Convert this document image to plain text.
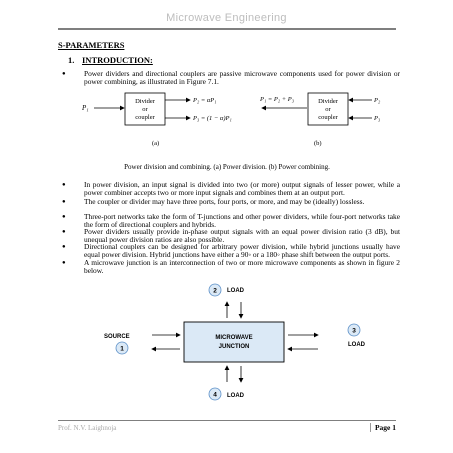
Microwave Engineering
S-PARAMETERS
1. INTRODUCTION:
●	Power dividers and directional couplers are passive microwave components used for power division or power combining, as illustrated in Figure 7.1.

P₁
Divider
or
coupler
P₂ = αP₁
P₃ = (1 − α)P₁
(a)
P₁ = P₂ + P₃	Divider
or
coupler
P₂
P₃
(b)
Power division and combining. (a) Power division. (b) Power combining.
●	In power division, an input signal is divided into two (or more) output signals of lesser power, while a power combiner accepts two or more input signals and combines them at an output port.

●	The coupler or divider may have three ports, four ports, or more, and may be (ideally) lossless.

●	Three-port networks take the form of T-junctions and other power dividers, while four-port networks take the form of directional couplers and hybrids.

●	Power dividers usually provide in-phase output signals with an equal power division ratio (3 dB), but unequal power division ratios are also possible.

MICROWAVE
JUNCTION
2 LOAD
SOURCE
1
3
LOAD
4 LOAD
Prof. N.V. Laighnoja	Page 1
●	Directional couplers can be designed for arbitrary power division, while hybrid junctions usually have equal power division. Hybrid junctions have either a 90◦ or a 180◦ phase shift between the output ports.

●	A microwave junction is an interconnection of two or more microwave components as shown in figure 2 below.
